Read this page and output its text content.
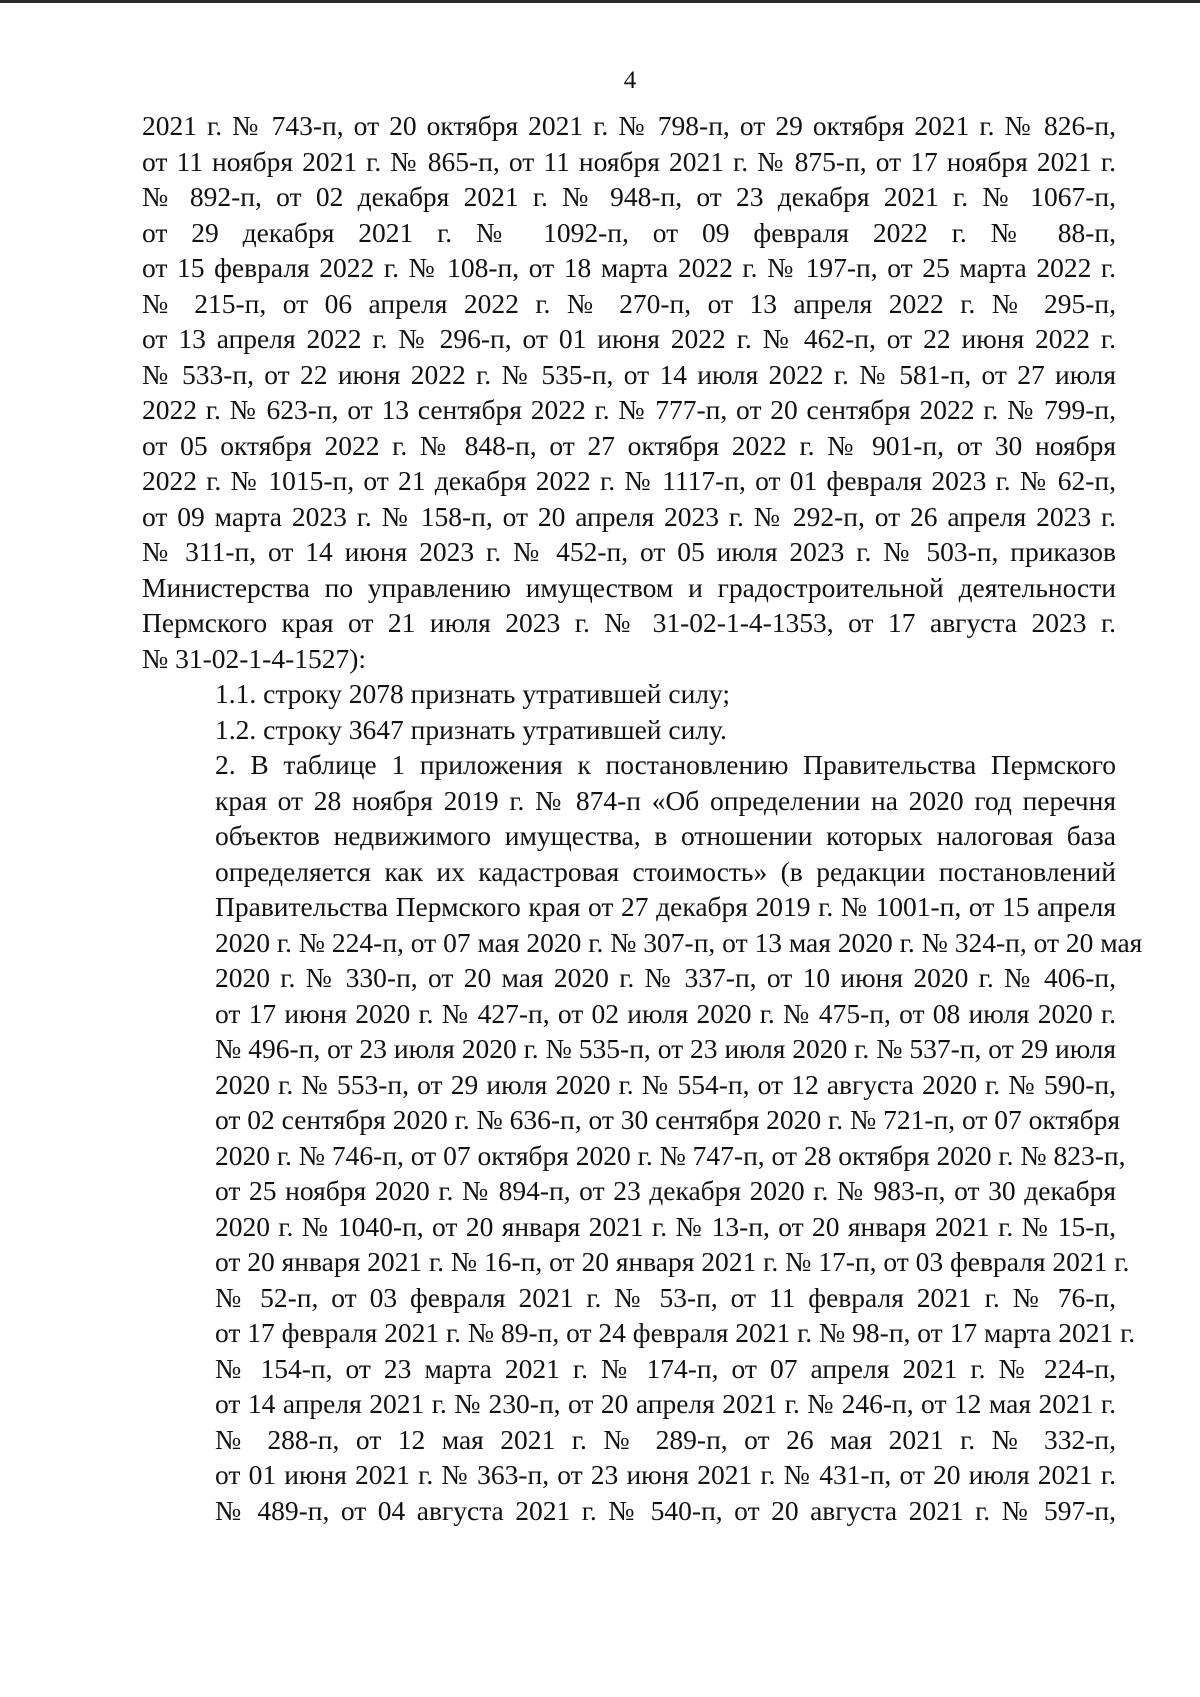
4
2021 г. № 743-п, от 20 октября 2021 г. № 798-п, от 29 октября 2021 г. № 826-п,
от 11 ноября 2021 г. № 865-п, от 11 ноября 2021 г. № 875-п, от 17 ноября 2021 г.
№ 892-п, от 02 декабря 2021 г. № 948-п, от 23 декабря 2021 г. № 1067-п,
от 29 декабря 2021 г. № 1092-п, от 09 февраля 2022 г. № 88-п,
от 15 февраля 2022 г. № 108-п, от 18 марта 2022 г. № 197-п, от 25 марта 2022 г.
№ 215-п, от 06 апреля 2022 г. № 270-п, от 13 апреля 2022 г. № 295-п,
от 13 апреля 2022 г. № 296-п, от 01 июня 2022 г. № 462-п, от 22 июня 2022 г.
№ 533-п, от 22 июня 2022 г. № 535-п, от 14 июля 2022 г. № 581-п, от 27 июля
2022 г. № 623-п, от 13 сентября 2022 г. № 777-п, от 20 сентября 2022 г. № 799-п,
от 05 октября 2022 г. № 848-п, от 27 октября 2022 г. № 901-п, от 30 ноября
2022 г. № 1015-п, от 21 декабря 2022 г. № 1117-п, от 01 февраля 2023 г. № 62-п,
от 09 марта 2023 г. № 158-п, от 20 апреля 2023 г. № 292-п, от 26 апреля 2023 г.
№ 311-п, от 14 июня 2023 г. № 452-п, от 05 июля 2023 г. № 503-п, приказов
Министерства по управлению имуществом и градостроительной деятельности
Пермского края от 21 июля 2023 г. № 31-02-1-4-1353, от 17 августа 2023 г.
№ 31-02-1-4-1527):
1.1. строку 2078 признать утратившей силу;
1.2. строку 3647 признать утратившей силу.
2. В таблице 1 приложения к постановлению Правительства Пермского
края от 28 ноября 2019 г. № 874-п «Об определении на 2020 год перечня
объектов недвижимого имущества, в отношении которых налоговая база
определяется как их кадастровая стоимость» (в редакции постановлений
Правительства Пермского края от 27 декабря 2019 г. № 1001-п, от 15 апреля
2020 г. № 224-п, от 07 мая 2020 г. № 307-п, от 13 мая 2020 г. № 324-п, от 20 мая
2020 г. № 330-п, от 20 мая 2020 г. № 337-п, от 10 июня 2020 г. № 406-п,
от 17 июня 2020 г. № 427-п, от 02 июля 2020 г. № 475-п, от 08 июля 2020 г.
№ 496-п, от 23 июля 2020 г. № 535-п, от 23 июля 2020 г. № 537-п, от 29 июля
2020 г. № 553-п, от 29 июля 2020 г. № 554-п, от 12 августа 2020 г. № 590-п,
от 02 сентября 2020 г. № 636-п, от 30 сентября 2020 г. № 721-п, от 07 октября
2020 г. № 746-п, от 07 октября 2020 г. № 747-п, от 28 октября 2020 г. № 823-п,
от 25 ноября 2020 г. № 894-п, от 23 декабря 2020 г. № 983-п, от 30 декабря
2020 г. № 1040-п, от 20 января 2021 г. № 13-п, от 20 января 2021 г. № 15-п,
от 20 января 2021 г. № 16-п, от 20 января 2021 г. № 17-п, от 03 февраля 2021 г.
№ 52-п, от 03 февраля 2021 г. № 53-п, от 11 февраля 2021 г. № 76-п,
от 17 февраля 2021 г. № 89-п, от 24 февраля 2021 г. № 98-п, от 17 марта 2021 г.
№ 154-п, от 23 марта 2021 г. № 174-п, от 07 апреля 2021 г. № 224-п,
от 14 апреля 2021 г. № 230-п, от 20 апреля 2021 г. № 246-п, от 12 мая 2021 г.
№ 288-п, от 12 мая 2021 г. № 289-п, от 26 мая 2021 г. № 332-п,
от 01 июня 2021 г. № 363-п, от 23 июня 2021 г. № 431-п, от 20 июля 2021 г.
№ 489-п, от 04 августа 2021 г. № 540-п, от 20 августа 2021 г. № 597-п,
